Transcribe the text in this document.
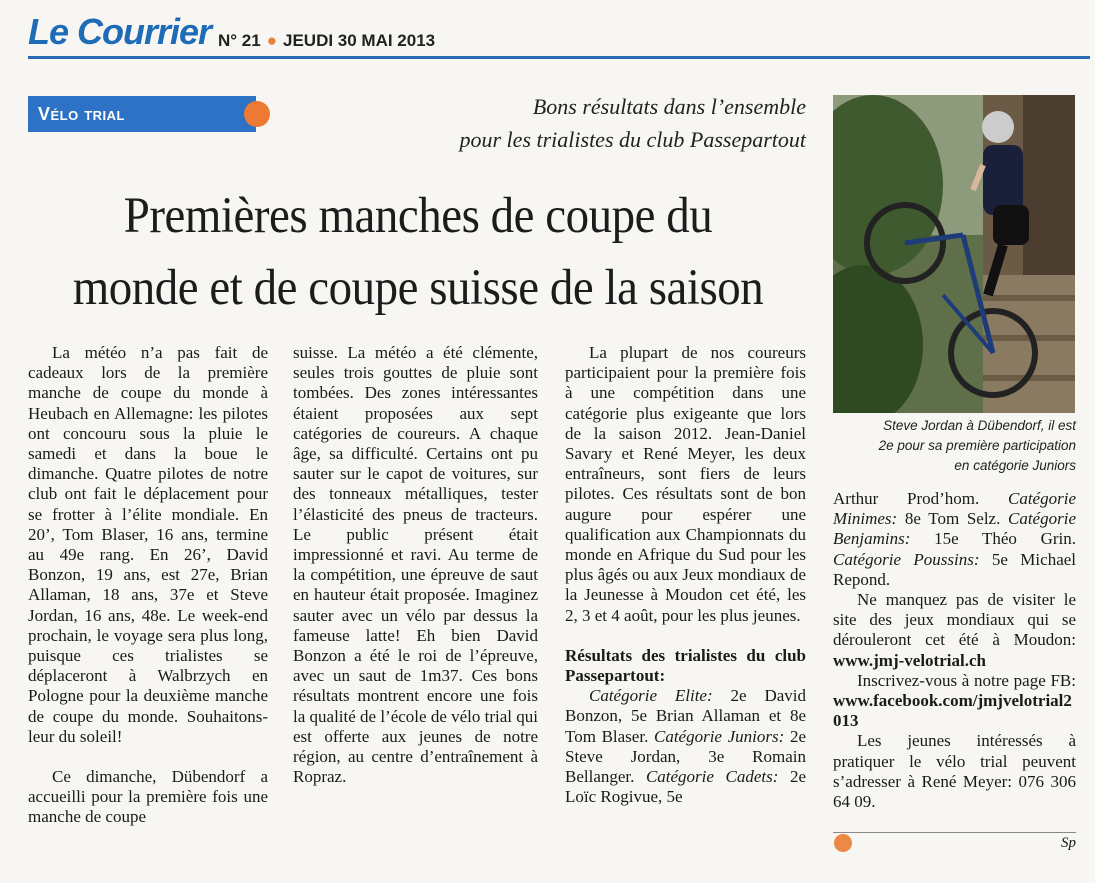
Le Courrier N° 21 ● JEUDI 30 MAI 2013
Vélo trial	Bons résultats dans l’ensemble
pour les trialistes du club Passepartout
Premières manches de coupe du
monde et de coupe suisse de la saison
Steve Jordan à Dübendorf, il est
2e pour sa première participation
en catégorie Juniors

La météo n’a pas fait de cadeaux lors de la première manche de coupe du monde à Heubach en Allemagne: les pilotes ont concouru sous la pluie le samedi et dans la boue le dimanche. Quatre pilotes de notre club ont fait le déplacement pour se frotter à l’élite mondiale. En 20’, Tom Blaser, 16 ans, termine au 49e rang. En 26’, David Bonzon, 19 ans, est 27e, Brian Allaman, 18 ans, 37e et Steve Jordan, 16 ans, 48e. Le week-end prochain, le voyage sera plus long, puisque ces trialistes se déplaceront à Walbrzych en Pologne pour la deuxième manche de coupe du monde. Souhaitons-leur du soleil!

Ce dimanche, Dübendorf a accueilli pour la première fois une manche de coupe

suisse. La météo a été clémente, seules trois gouttes de pluie sont tombées. Des zones intéressantes étaient proposées aux sept catégories de coureurs. A chaque âge, sa difficulté. Certains ont pu sauter sur le capot de voitures, sur des tonneaux métalliques, tester l’élasticité des pneus de tracteurs. Le public présent était impressionné et ravi. Au terme de la compétition, une épreuve de saut en hauteur était proposée. Imaginez sauter avec un vélo par dessus la fameuse latte! Eh bien David Bonzon a été le roi de l’épreuve, avec un saut de 1m37. Ces bons résultats montrent encore une fois la qualité de l’école de vélo trial qui est offerte aux jeunes de notre région, au centre d’entraînement à Ropraz.

La plupart de nos coureurs participaient pour la première fois à une compétition dans une catégorie plus exigeante que lors de la saison 2012. Jean-Daniel Savary et René Meyer, les deux entraîneurs, sont fiers de leurs pilotes. Ces résultats sont de bon augure pour espérer une qualification aux Championnats du monde en Afrique du Sud pour les plus âgés ou aux Jeux mondiaux de la Jeunesse à Moudon cet été, les 2, 3 et 4 août, pour les plus jeunes.

Résultats des trialistes du club Passepartout:

Catégorie Elite: 2e David Bonzon, 5e Brian Allaman et 8e Tom Blaser. Catégorie Juniors: 2e Steve Jordan, 3e Romain Bellanger. Catégorie Cadets: 2e Loïc Rogivue, 5e

Arthur Prod’hom. Catégorie Minimes: 8e Tom Selz. Catégorie Benjamins: 15e Théo Grin. Catégorie Poussins: 5e Michael Repond.

Ne manquez pas de visiter le site des jeux mondiaux qui se dérouleront cet été à Moudon: www.jmj-velotrial.ch

Inscrivez-vous à notre page FB: www.facebook.com/jmjvelotrial2013

Les jeunes intéressés à pratiquer le vélo trial peuvent s’adresser à René Meyer: 076 306 64 09.

Sp
